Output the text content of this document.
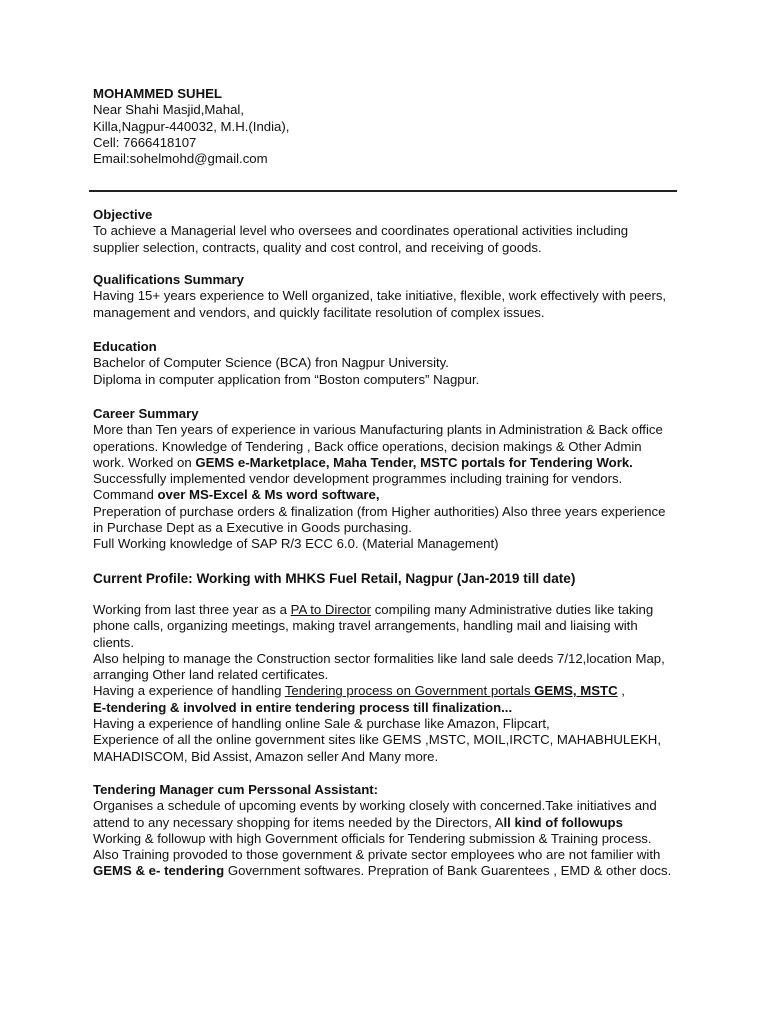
MOHAMMED SUHEL
Near Shahi Masjid,Mahal,
Killa,Nagpur-440032, M.H.(India),
Cell: 7666418107
Email:sohelmohd@gmail.com
Objective
To achieve a Managerial level who oversees and coordinates operational activities including
supplier selection, contracts, quality and cost control, and receiving of goods.
Qualifications Summary
Having 15+ years experience to Well organized, take initiative, flexible, work effectively with peers,
management and vendors, and quickly facilitate resolution of complex issues.
Education
Bachelor of Computer Science (BCA) fron Nagpur University.
Diploma in computer application from “Boston computers” Nagpur.
Career Summary
More than Ten years of experience in various Manufacturing plants in Administration & Back office
operations. Knowledge of Tendering , Back office operations, decision makings & Other Admin
work. Worked on GEMS e-Marketplace, Maha Tender, MSTC portals for Tendering Work.
Successfully implemented vendor development programmes including training for vendors.
Command over MS-Excel & Ms word software,
Preperation of purchase orders & finalization (from Higher authorities) Also three years experience
in Purchase Dept as a Executive in Goods purchasing.
Full Working knowledge of SAP R/3 ECC 6.0. (Material Management)
Current Profile: Working with MHKS Fuel Retail, Nagpur (Jan-2019 till date)
Working from last three year as a PA to Director compiling many Administrative duties like taking
phone calls, organizing meetings, making travel arrangements, handling mail and liaising with
clients.
Also helping to manage the Construction sector formalities like land sale deeds 7/12,location Map,
arranging Other land related certificates.
Having a experience of handling Tendering process on Government portals GEMS, MSTC ,
E-tendering & involved in entire tendering process till finalization...
Having a experience of handling online Sale & purchase like Amazon, Flipcart,
Experience of all the online government sites like GEMS ,MSTC, MOIL,IRCTC, MAHABHULEKH,
MAHADISCOM, Bid Assist, Amazon seller And Many more.
Tendering Manager cum Perssonal Assistant:
Organises a schedule of upcoming events by working closely with concerned.Take initiatives and
attend to any necessary shopping for items needed by the Directors, All kind of followups
Working & followup with high Government officials for Tendering submission & Training process.
Also Training provoded to those government & private sector employees who are not familier with
GEMS & e- tendering Government softwares. Prepration of Bank Guarentees , EMD & other docs.
